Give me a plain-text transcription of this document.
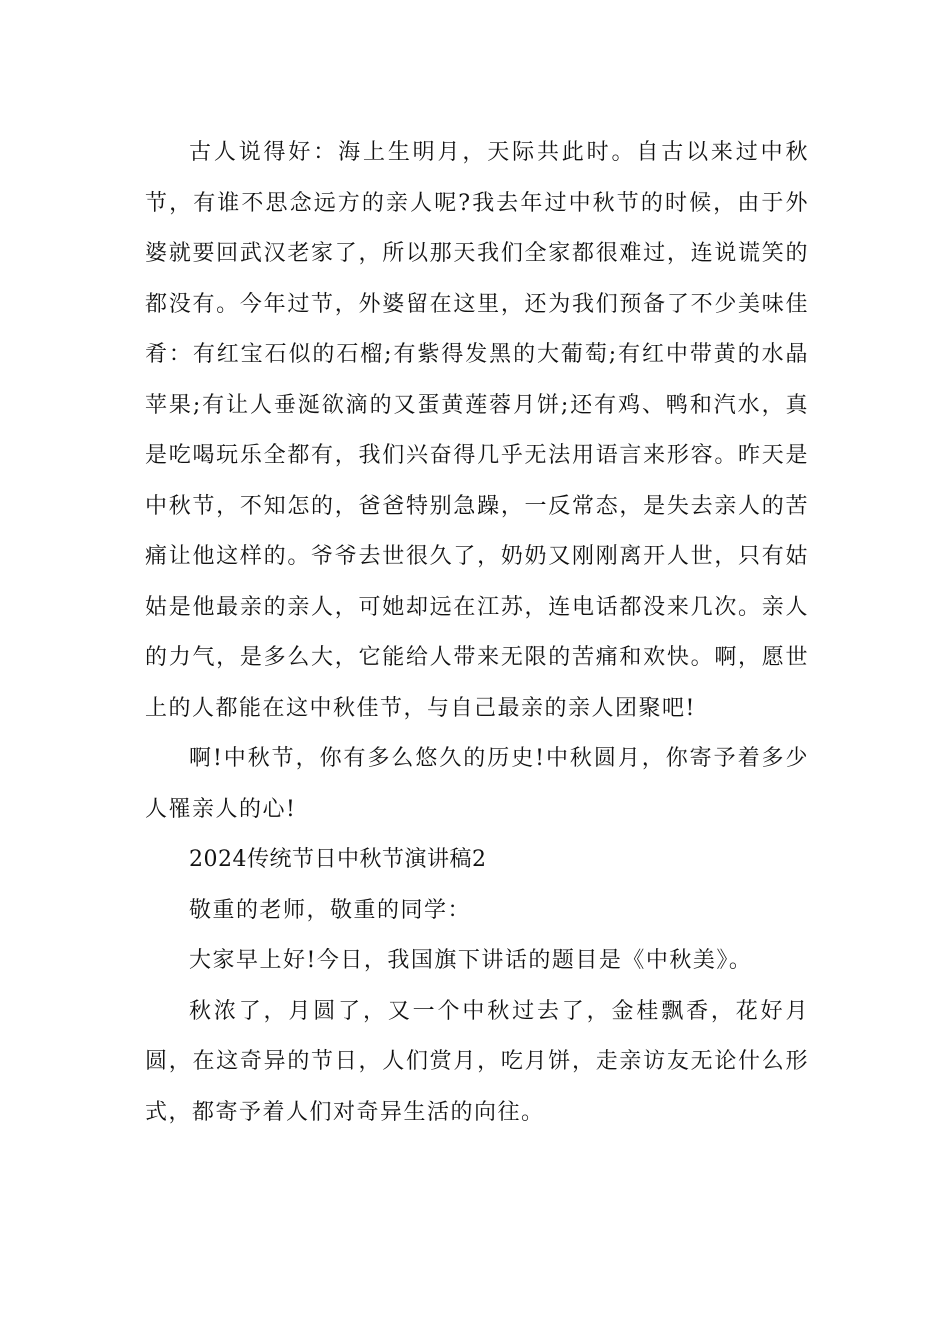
古人说得好：海上生明月，天际共此时。自古以来过中秋节，有谁不思念远方的亲人呢?我去年过中秋节的时候，由于外婆就要回武汉老家了，所以那天我们全家都很难过，连说谎笑的都没有。今年过节，外婆留在这里，还为我们预备了不少美味佳肴：有红宝石似的石榴;有紫得发黑的大葡萄;有红中带黄的水晶苹果;有让人垂涎欲滴的又蛋黄莲蓉月饼;还有鸡、鸭和汽水，真是吃喝玩乐全都有，我们兴奋得几乎无法用语言来形容。昨天是中秋节，不知怎的，爸爸特别急躁，一反常态，是失去亲人的苦痛让他这样的。爷爷去世很久了，奶奶又刚刚离开人世，只有姑姑是他最亲的亲人，可她却远在江苏，连电话都没来几次。亲人的力气，是多么大，它能给人带来无限的苦痛和欢快。啊，愿世上的人都能在这中秋佳节，与自己最亲的亲人团聚吧!

啊!中秋节，你有多么悠久的历史!中秋圆月，你寄予着多少人罹亲人的心!

2024传统节日中秋节演讲稿2

敬重的老师，敬重的同学：

大家早上好!今日，我国旗下讲话的题目是《中秋美》。

秋浓了，月圆了，又一个中秋过去了，金桂飘香，花好月圆，在这奇异的节日，人们赏月，吃月饼，走亲访友无论什么形式，都寄予着人们对奇异生活的向往。
